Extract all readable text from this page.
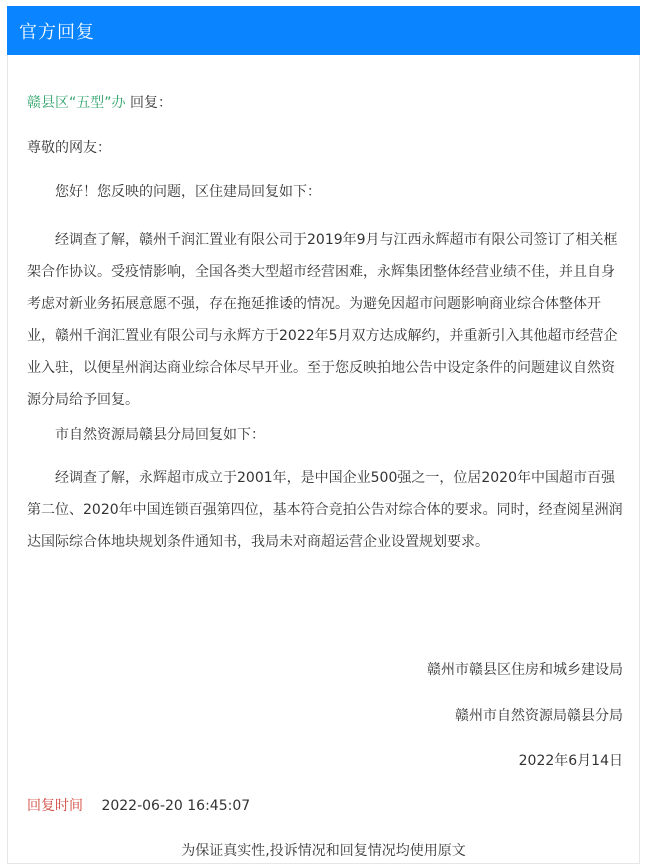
官方回复
赣县区“五型”办 回复：
尊敬的网友：
您好！您反映的问题，区住建局回复如下：
经调查了解，赣州千润汇置业有限公司于2019年9月与江西永辉超市有限公司签订了相关框架合作协议。受疫情影响，全国各类大型超市经营困难，永辉集团整体经营业绩不佳，并且自身考虑对新业务拓展意愿不强，存在拖延推诿的情况。为避免因超市问题影响商业综合体整体开业，赣州千润汇置业有限公司与永辉方于2022年5月双方达成解约，并重新引入其他超市经营企业入驻，以便星州润达商业综合体尽早开业。至于您反映拍地公告中设定条件的问题建议自然资源分局给予回复。
市自然资源局赣县分局回复如下：
经调查了解，永辉超市成立于2001年，是中国企业500强之一，位居2020年中国超市百强第二位、2020年中国连锁百强第四位，基本符合竞拍公告对综合体的要求。同时，经查阅星洲润达国际综合体地块规划条件通知书，我局未对商超运营企业设置规划要求。
赣州市赣县区住房和城乡建设局
赣州市自然资源局赣县分局
2022年6月14日
回复时间 2022-06-20 16:45:07
为保证真实性,投诉情况和回复情况均使用原文
